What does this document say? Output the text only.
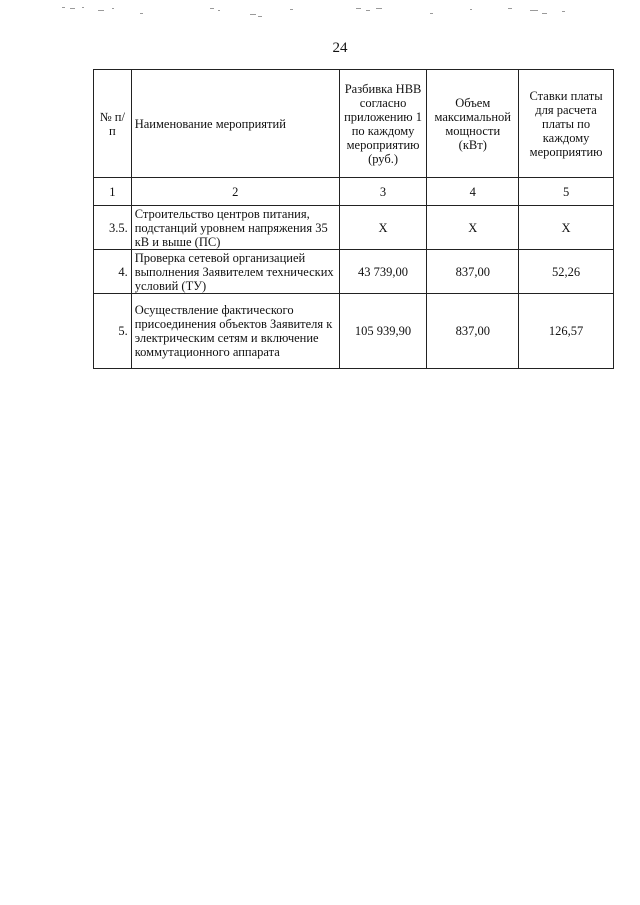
24
№ п/п	Наименование мероприятий	Разбивка НВВ согласно приложению 1 по каждому мероприятию (руб.)	Объем максимальной мощности (кВт)	Ставки платы для расчета платы по каждому мероприятию
1	2	3	4	5
3.5.	Строительство центров питания, подстанций уровнем напряжения 35 кВ и выше (ПС)	Х	Х	Х
4.	Проверка сетевой организацией выполнения Заявителем технических условий (ТУ)	43 739,00	837,00	52,26
5.	Осуществление фактического присоединения объектов Заявителя к электрическим сетям и включение коммутационного аппарата	105 939,90	837,00	126,57
